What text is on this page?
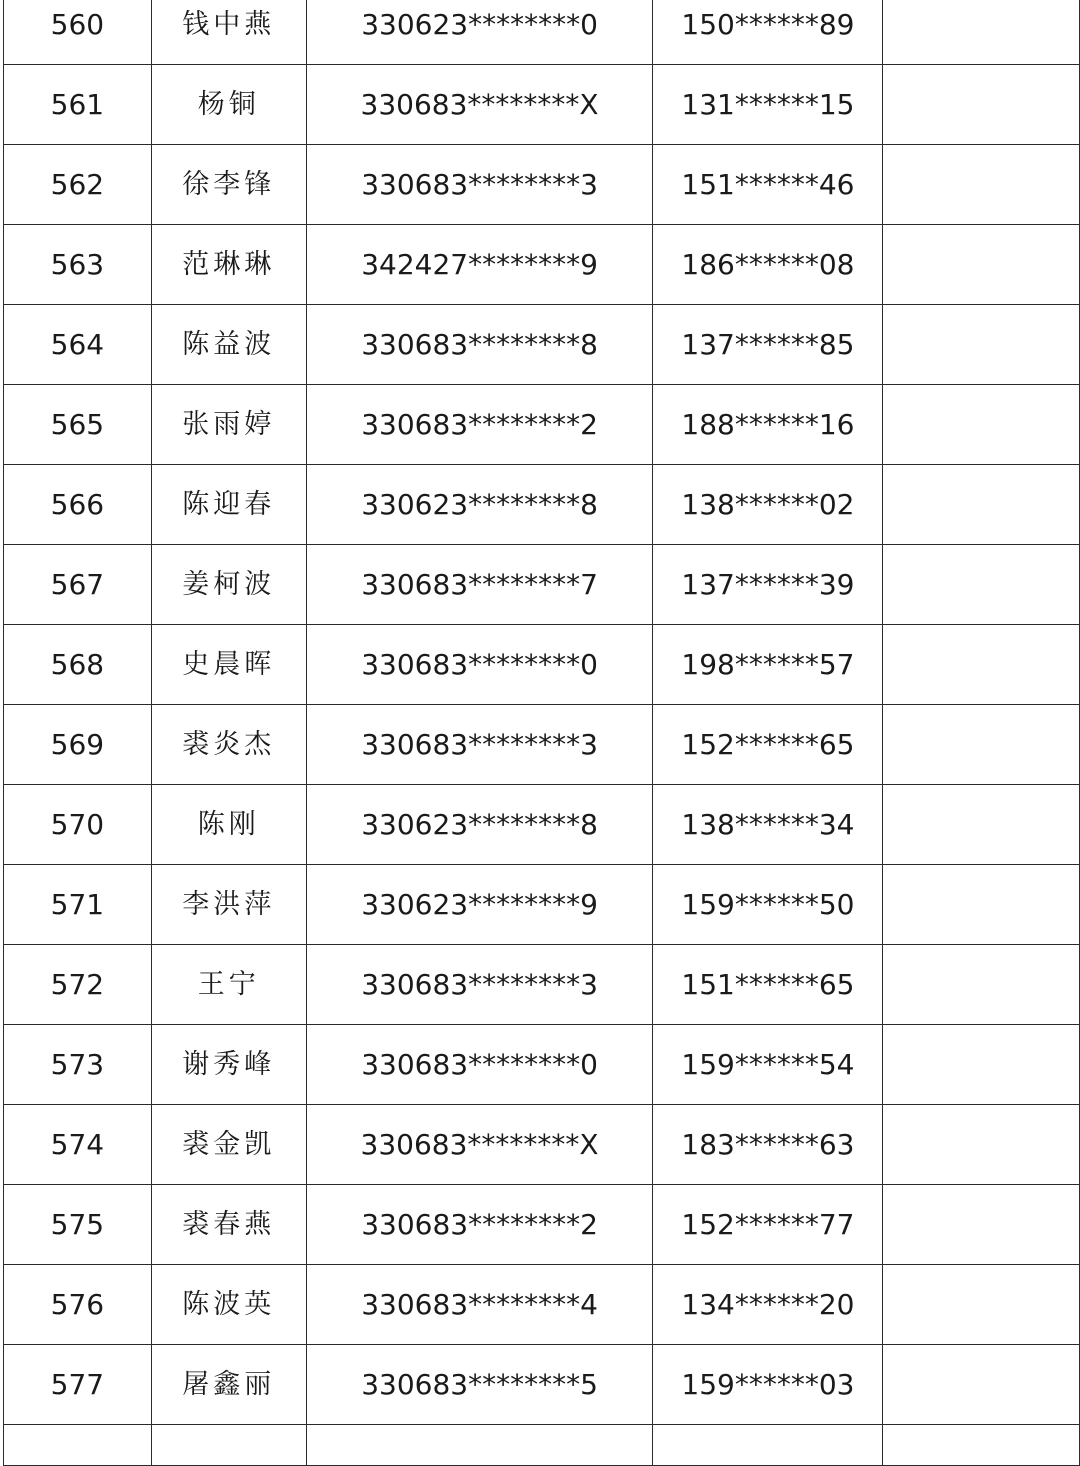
560	钱中燕	330623********0	150******89	
561	杨铜	330683********X	131******15	
562	徐李锋	330683********3	151******46	
563	范琳琳	342427********9	186******08	
564	陈益波	330683********8	137******85	
565	张雨婷	330683********2	188******16	
566	陈迎春	330623********8	138******02	
567	姜柯波	330683********7	137******39	
568	史晨晖	330683********0	198******57	
569	裘炎杰	330683********3	152******65	
570	陈刚	330623********8	138******34	
571	李洪萍	330623********9	159******50	
572	王宁	330683********3	151******65	
573	谢秀峰	330683********0	159******54	
574	裘金凯	330683********X	183******63	
575	裘春燕	330683********2	152******77	
576	陈波英	330683********4	134******20	
577	屠鑫丽	330683********5	159******03	
